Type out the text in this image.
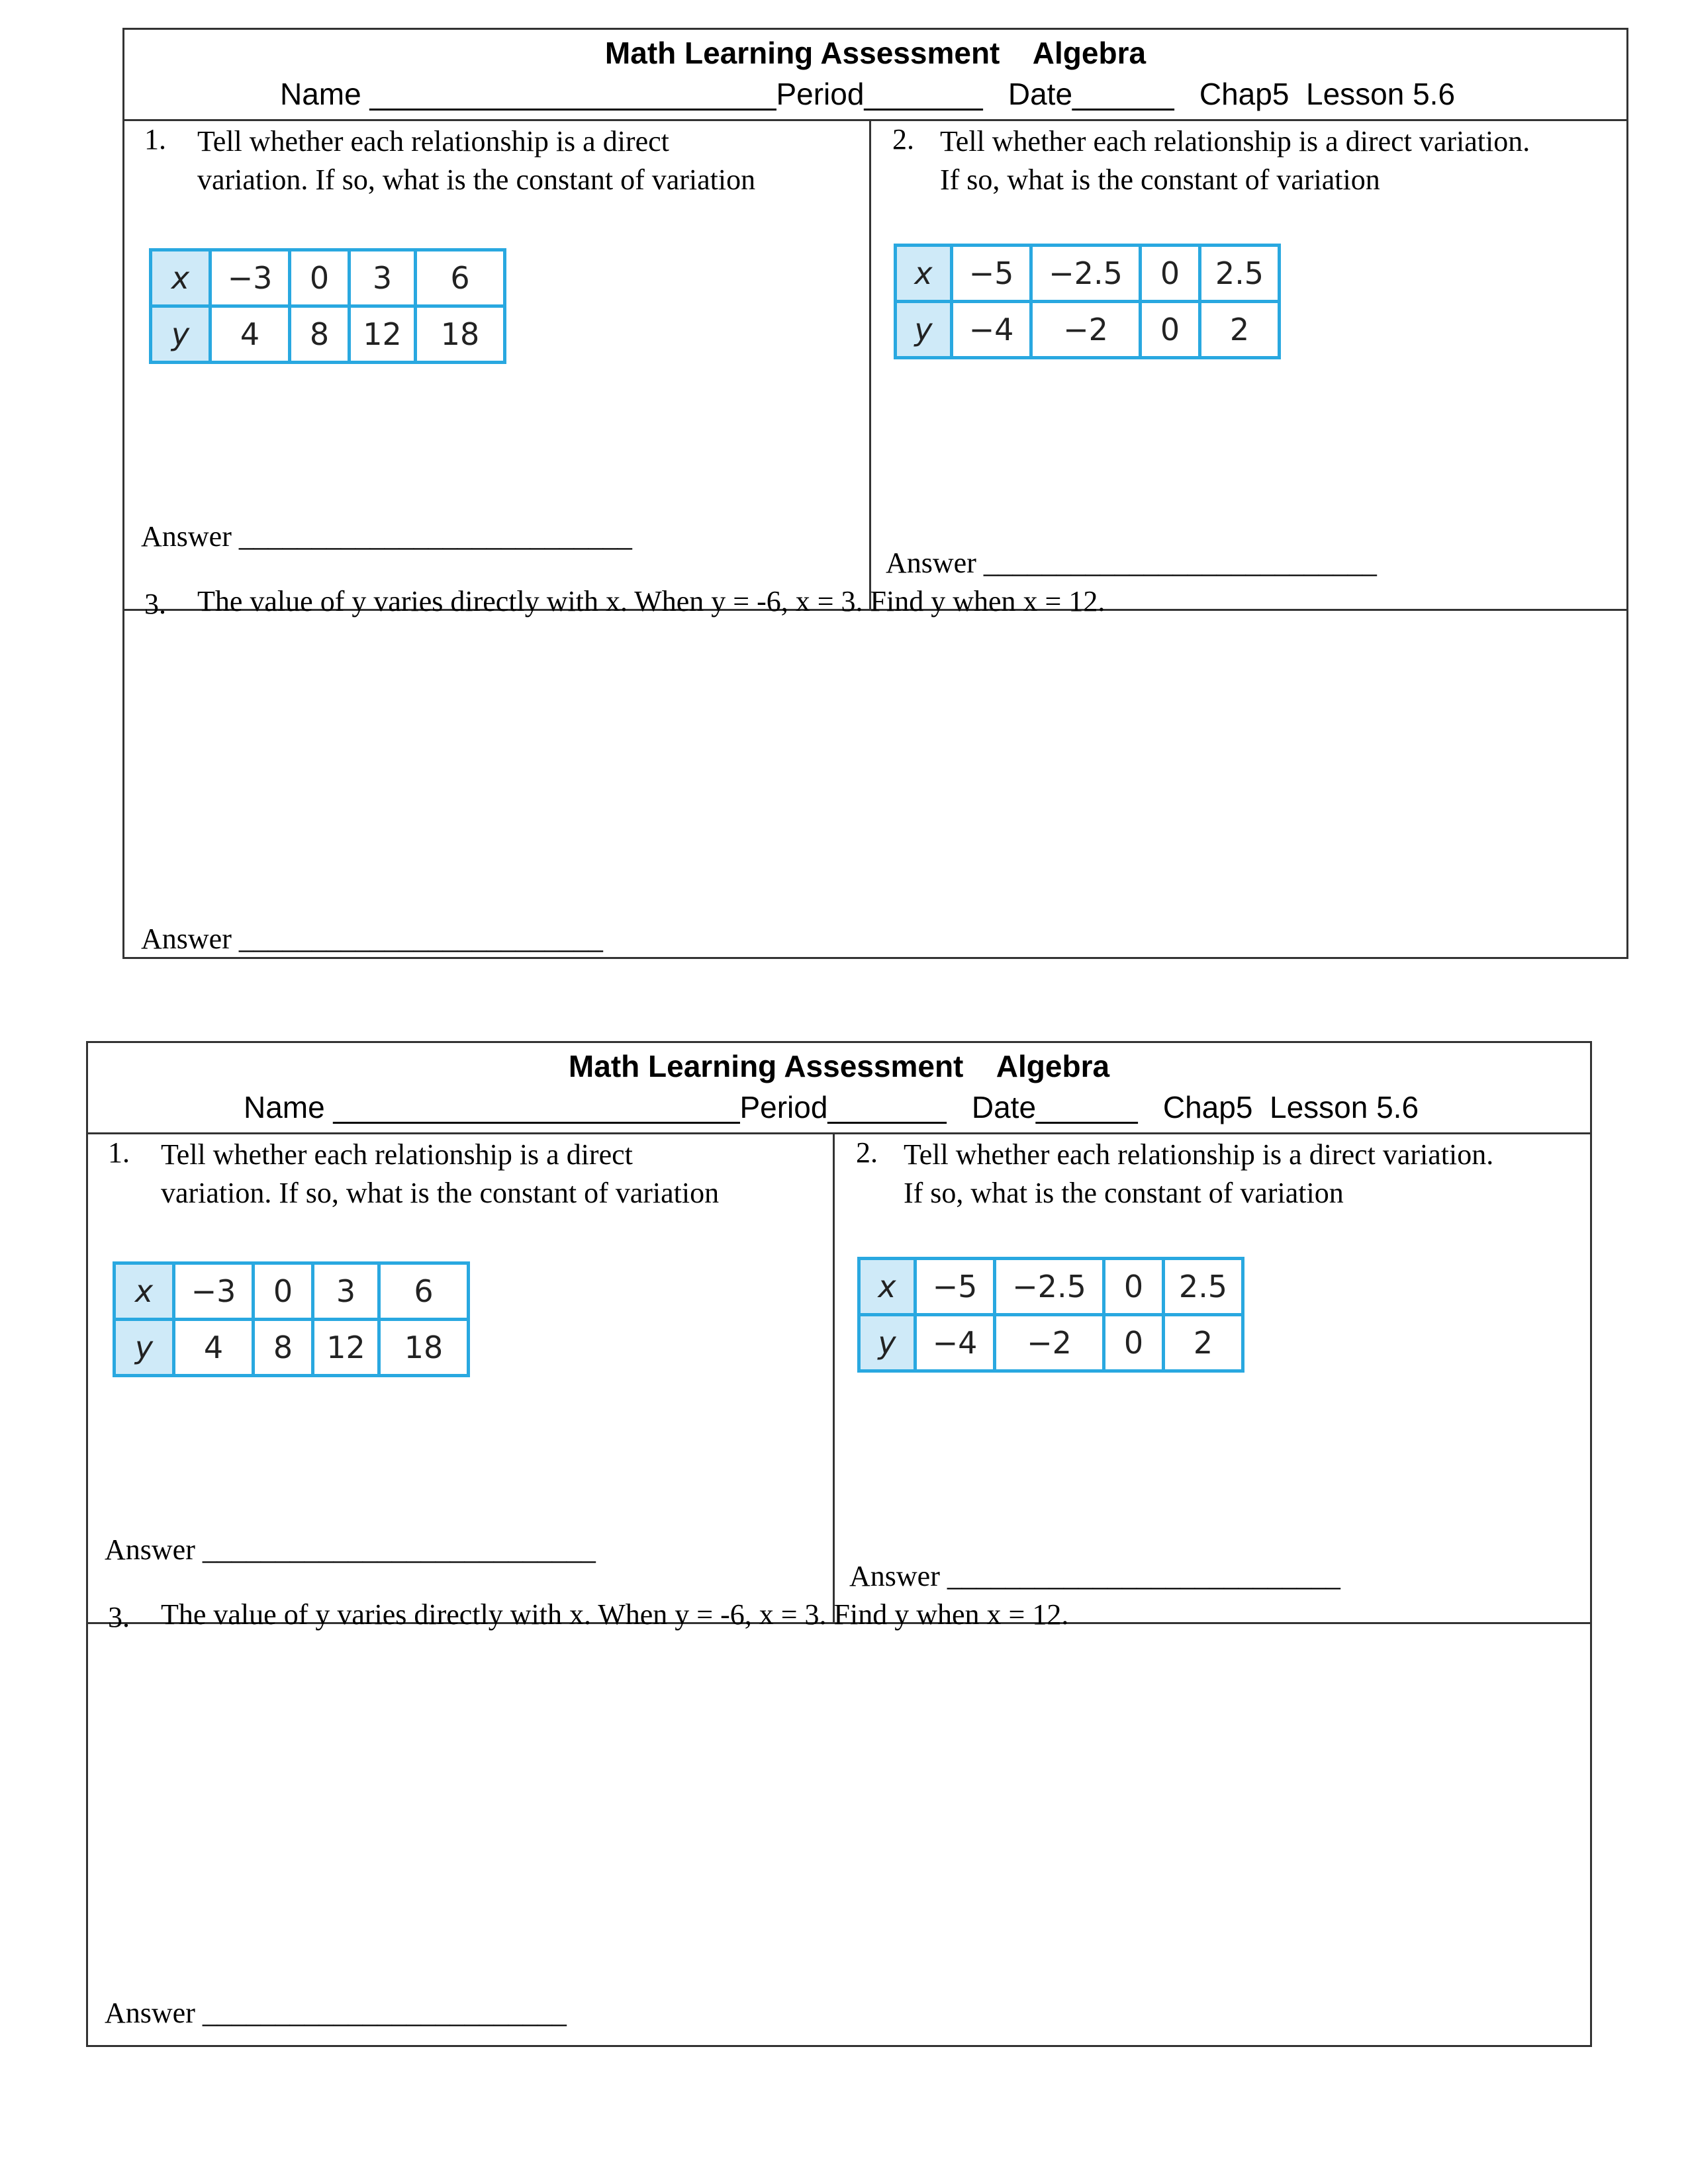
Math Learning Assessment    Algebra
Name ________________________Period_______   Date______   Chap5  Lesson 5.6
1. Tell whether each relationship is a direct
variation. If so, what is the constant of variation
x	−3	0	3	6
y	4	8	12	18
Answer ___________________________
2. Tell whether each relationship is a direct variation.
If so, what is the constant of variation
x	−5	−2.5	0	2.5
y	−4	−2	0	2
Answer ___________________________
3. The value of y varies directly with x. When y = -6, x = 3. Find y when x = 12.
Answer _________________________
Math Learning Assessment    Algebra
Name ________________________Period_______   Date______   Chap5  Lesson 5.6
1. Tell whether each relationship is a direct
variation. If so, what is the constant of variation
x	−3	0	3	6
y	4	8	12	18
Answer ___________________________
2. Tell whether each relationship is a direct variation.
If so, what is the constant of variation
x	−5	−2.5	0	2.5
y	−4	−2	0	2
Answer ___________________________
3. The value of y varies directly with x. When y = -6, x = 3. Find y when x = 12.
Answer _________________________
